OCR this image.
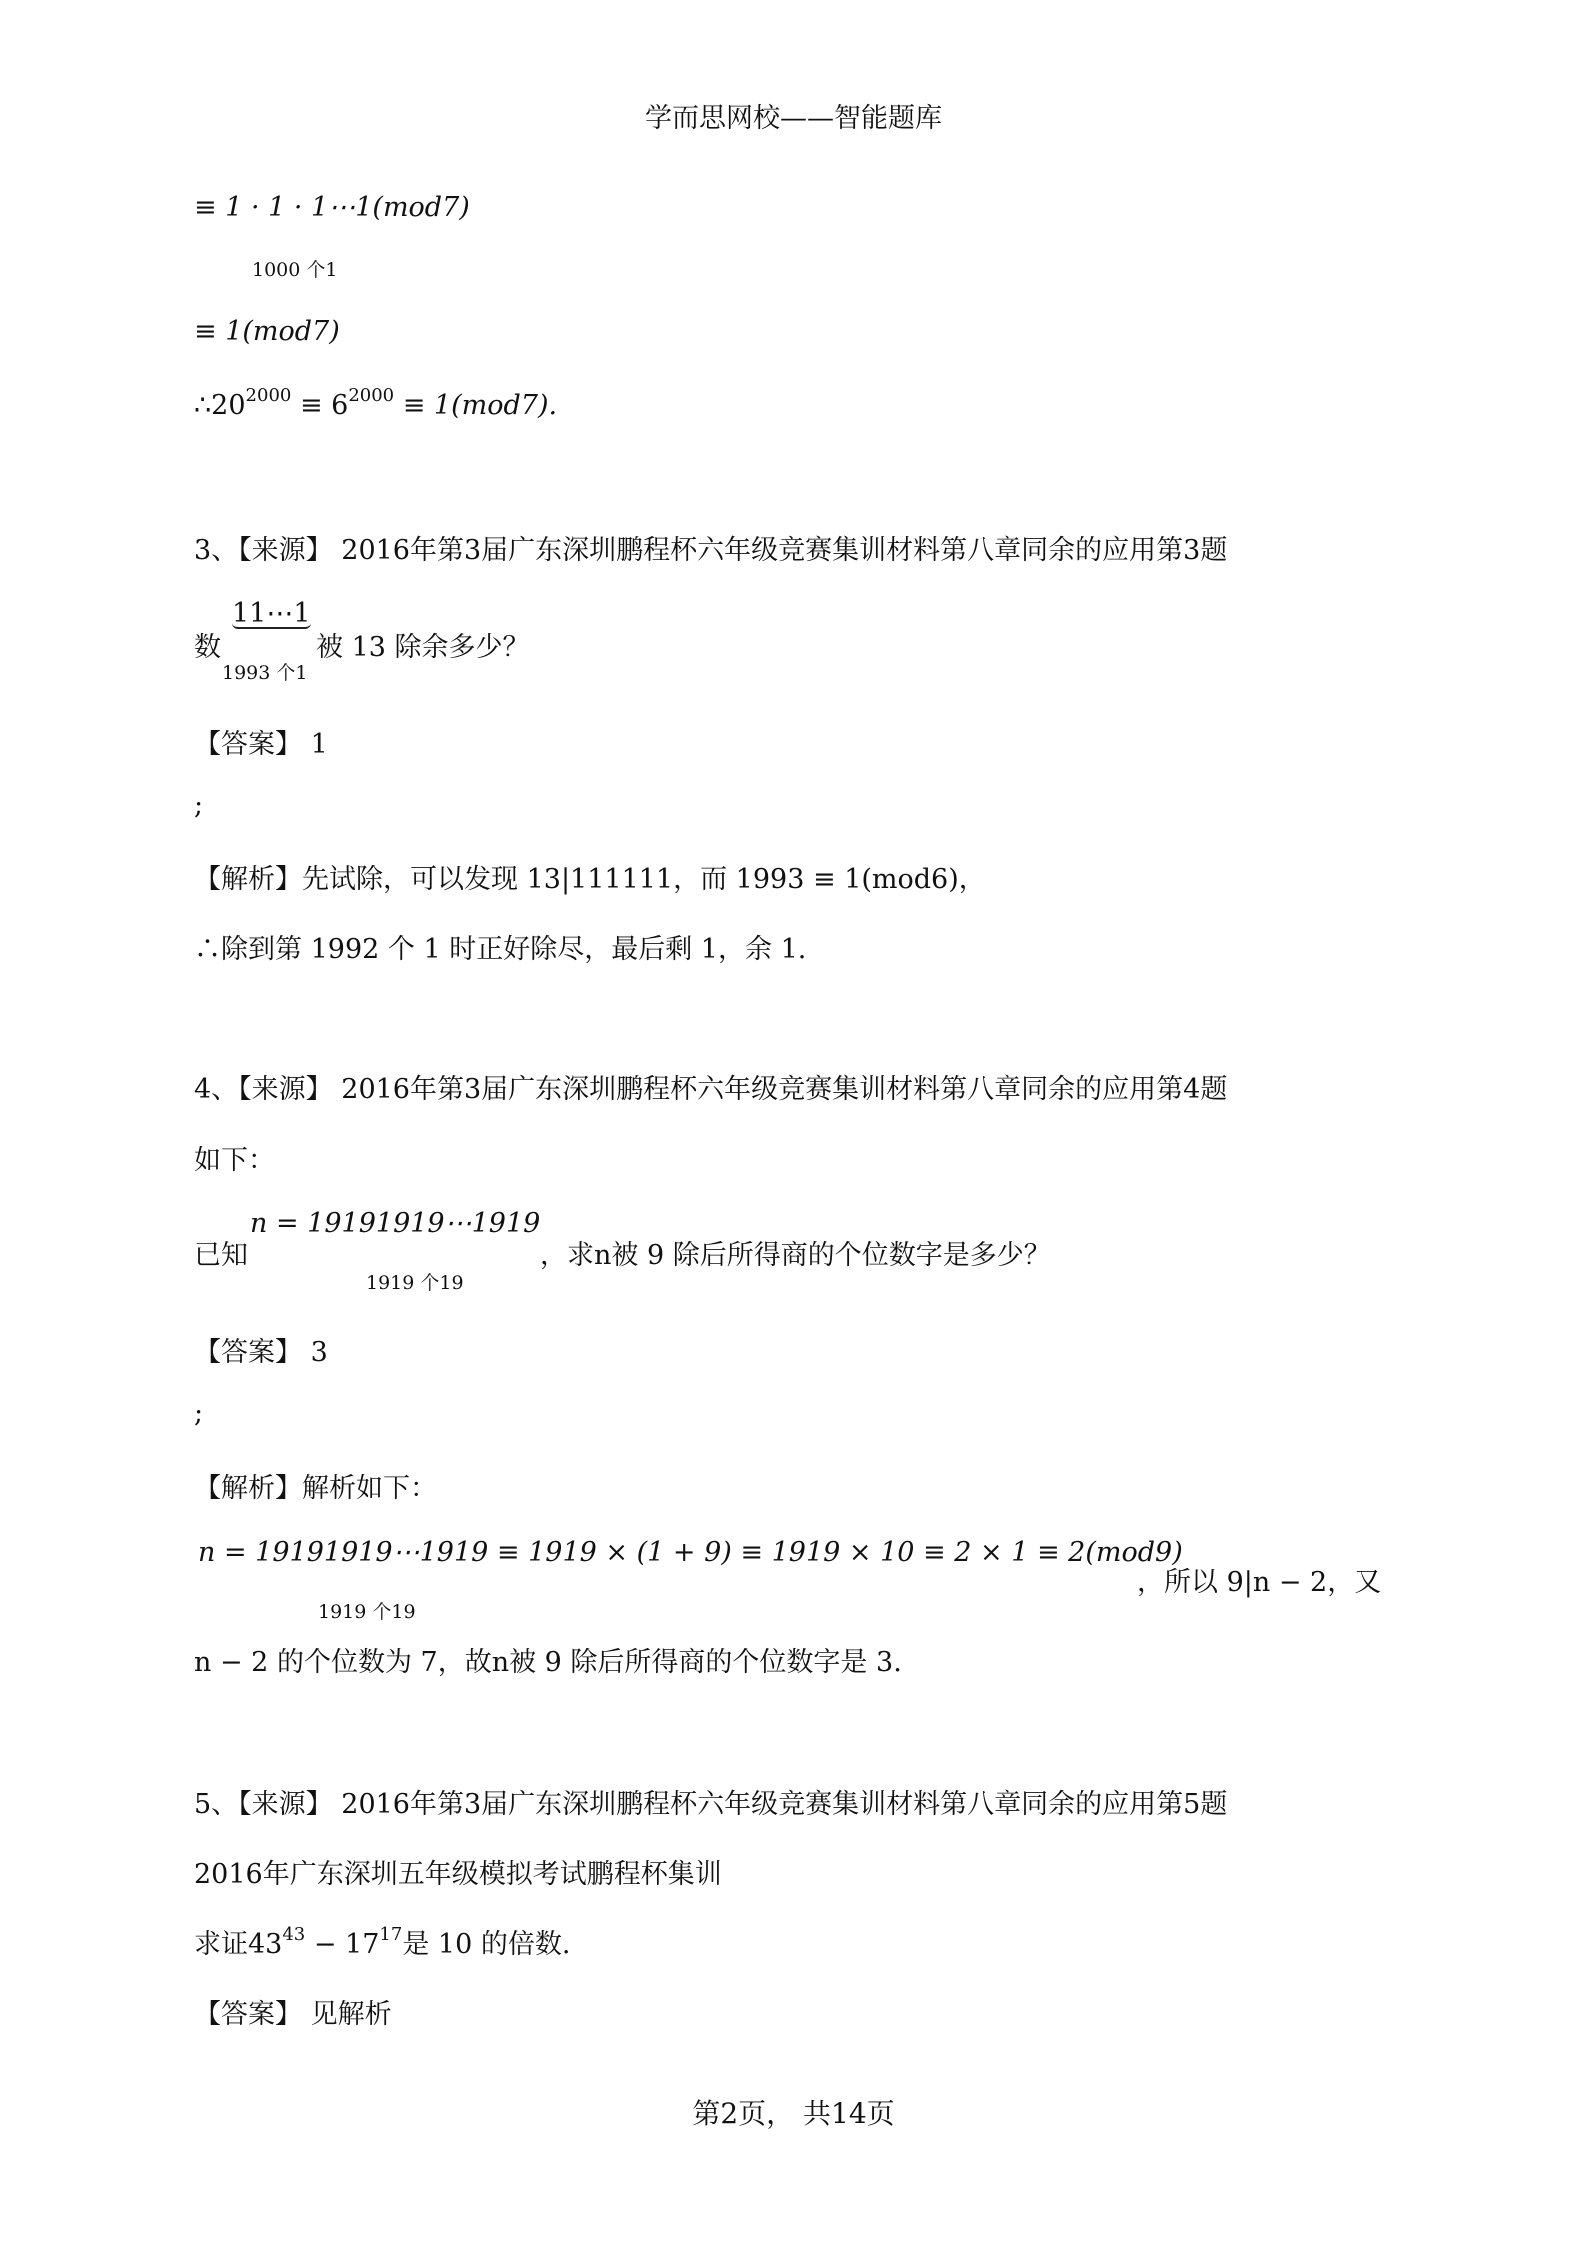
学而思网校——智能题库
≡ 1 · 1 · 1⋯1(mod7)
1000 个1
≡ 1(mod7)
$\therefore 20^{2000} \equiv 6^{2000} \equiv 1(mod7)$.
3、【来源】 2016年第3届广东深圳鹏程杯六年级竞赛集训材料第八章同余的应用第3题
数
11⋯1
1993 个1
被 13 除余多少？
【答案】 1
;
【解析】先试除，可以发现 13|111111，而 1993 ≡ 1(mod6)，
∴除到第 1992 个 1 时正好除尽，最后剩 1，余 1.
4、【来源】 2016年第3届广东深圳鹏程杯六年级竞赛集训材料第八章同余的应用第4题
如下：
已知
n = 19191919⋯1919
1919 个19
，求n被 9 除后所得商的个位数字是多少？
【答案】 3
;
【解析】解析如下：
n = 19191919⋯1919 ≡ 1919 × (1 + 9) ≡ 1919 × 10 ≡ 2 × 1 ≡ 2(mod9)
1919 个19
，所以 9|n − 2，又
n − 2 的个位数为 7，故n被 9 除后所得商的个位数字是 3.
5、【来源】 2016年第3届广东深圳鹏程杯六年级竞赛集训材料第八章同余的应用第5题
2016年广东深圳五年级模拟考试鹏程杯集训
求证$43^{43} - 17^{17}$是 10 的倍数.
【答案】 见解析
第2页， 共14页
